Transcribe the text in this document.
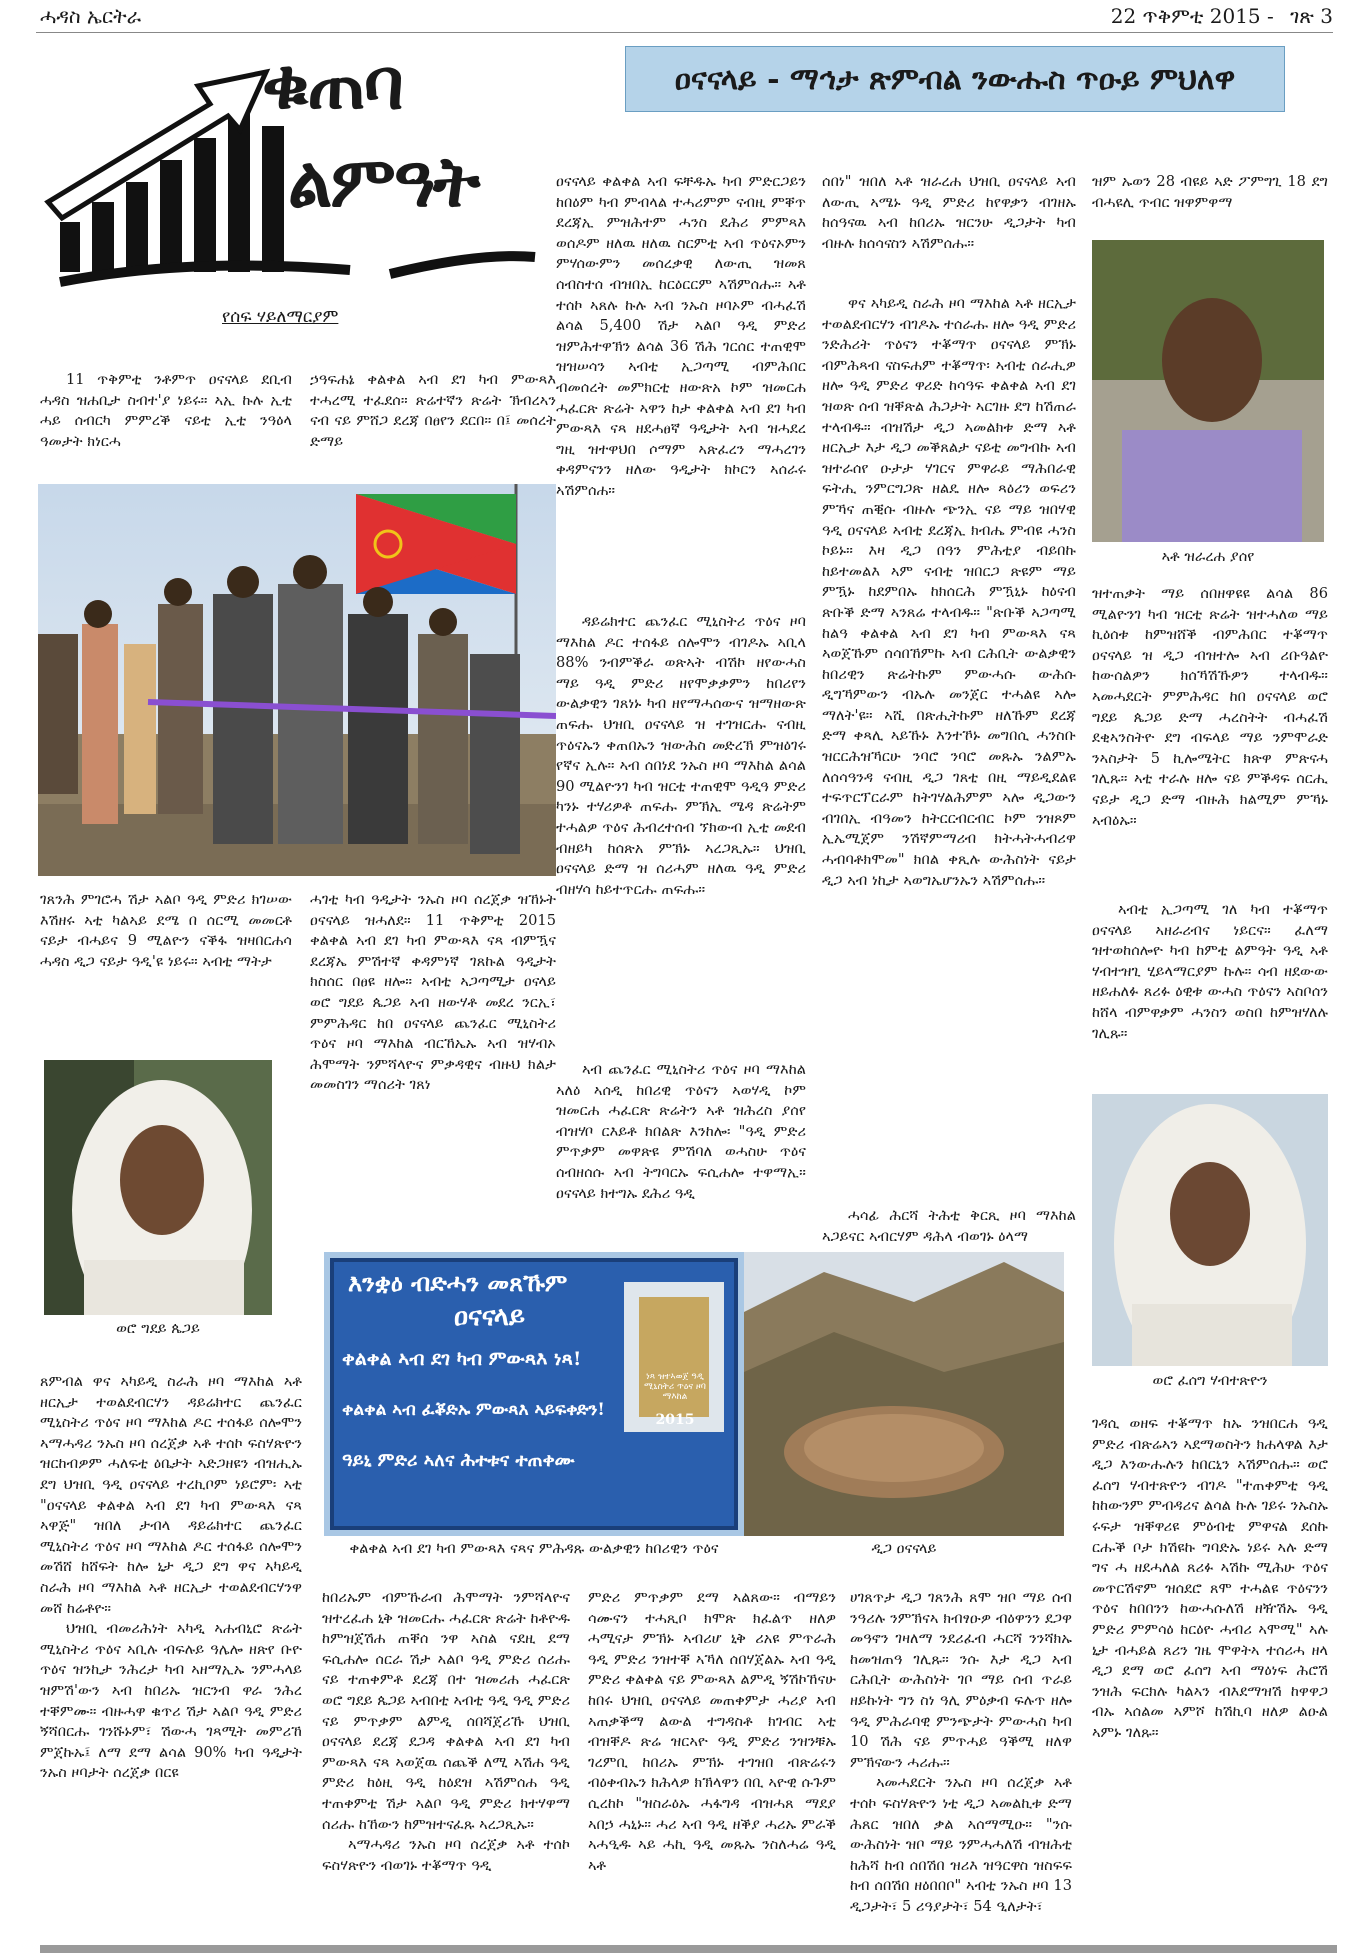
ሓዳስ ኤርትራ	22 ጥቅምቲ 2015 - ገጽ 3
ቁጠባ
ልምዓት
ዐናናላይ - ማኅታ ጽምብል ንውሑስ ጥዑይ ምህለዋ
የሰፍ ሃይለማርያም

11 ጥቅምቲ ንቶምጥ ዐናናላይ ደቢብ ሓዳስ ዝሐቢታ ስብተ'ያ ነይሩ። ኣኢ ኩሉ ኢቲ ሓይ ሰብርካ ምምረቕ ናይቲ ኢቲ ንዓዕላ ዓመታት ክነርሓ

ኃዓፍሐኔ ቀልቀል ኣብ ደገ ካብ ምውጻእ ተሓረሚ ተፈደሰ። ጽሬተኛን ጽሬት ኽብረኣን ናብ ናይ ምሸጋ ደረጃ በፀየን ደርበ። በ፤ መሰረት ድማይ

ገጸንሕ ምገሮሓ ሽታ ኣልቦ ዓዲ ምድሪ ክገሠው እሽዘሩ ኣቲ ካልኣይ ደሜ በ ሰርሚ መመርቶ ናይታ ብሓይና 9 ሚልዮን ናቕፋ ዝዛበርሐሳ ሓዳስ ዲጋ ናይታ ዓዲ'ዩ ነይሩ። ኣብቲ ማትታ

ሓገቲ ካብ ዓዲታት ንኡስ ዞባ ሰረጀቃ ዝኸኑት ዐናናላይ ዝሓለደ። 11 ጥቅምቲ 2015 ቀልቀል ኣብ ደገ ካብ ምውጻእ ናጻ ብምዃና ደረጃኤ ምሽተኛ ቀዳምነኛ ገጸኩል ዓዲታት ክስሰር በፀዩ ዘሎ። ኣብቲ ኣጋጣሚታ ዐናላይ ወሮ ግደይ ጴጋይ ኣብ ዘውሃቶ መደረ ንርኢ፣ ምምሕዳር ከበ ዐናናላይ ጨንፈር ሚኒስትሪ ጥዕና ዞባ ማእከል ብርኸኤኡ ኣብ ዝሃብኦ ሕሞማት ንምሻላዮና ምቃዳዊና ብዙህ ክልታ መመስገን ማሰሪት ገጸነ

ወሮ ግደይ ጴጋይ

ዐናናላይ ቀልቀል ኣብ ፍቸዱኡ ካብ ምድርጋይን ከበዕም ካብ ምብላል ተሓሪምም ናብዚ ምቐጥ ደረጃኢ ምዝሕተም ሓንስ ደሕሪ ምምጻእ ወሰዶም ዘለዉ ዘለዉ ስርምቲ ኣብ ጥዕናኦምን ምሃሰውምን መሰረቃዊ ለውጢ ዝመጸ ሰብስተሰ ብዝበኢ ከርዕርርም ኣሽምሰሑ። ኣቶ ተሰኮ ኣጸሉ ኩሉ ኣብ ንኡስ ዞባኦም ብሓፈሽ ልሳል 5,400 ሽታ ኣልቦ ዓዲ ምድሪ ዝምሕተዋኽን ልሳል 36 ሽሕ ገርሰር ተጠዊሞ ዝዝሠሳን ኣብቲ ኢጋጣሚ ብምሕበር ብመሰረት መምክርቲ ዘውጽአ ኮም ዝመርሐ ሓፈርጽ ጽሬት ኣዋን ከታ ቀልቀል ኣብ ደገ ካብ ምውጻእ ናጻ ዘደሓፀኛ ዓዲታት ኣብ ዝሓደረ ግዚ ዝተዋህበ ሶማም ኣጽፈረን ማሓረገን ቀዳምናንን ዘለው ዓዲታት ክኮርን ኣሰራሩ ኣሽምሰሐ።

ዳይሬክተር ጨንፈር ሚኒስትሪ ጥዕና ዞባ ማእከል ዶር ተሰፋይ ሰሎሞን ብገዶኡ ኣቢላ 88% ንብምቕራ ወጽኣት ብሽኮ ዘየውሓስ ማይ ዓዲ ምድሪ ዘየሞቃቃምን ከበሪየን ውልቃዊን ገጸነኑ ካብ ዘየማሓሰውና ዝማዘውጽ ጠፍሑ ህዝቢ ዐናናላይ ዝ ተገዝርሑ ናብዚ ጥዕናኡን ቀጠበኡን ዝውሕስ መድረኽ ምዝዕገሩ የኛና ኢሉ። ኣብ ሰበነደ ንኡስ ዞባ ማእከል ልሳል 90 ሚልዮንገ ካብ ዝርቲ ተጠዊሞ ዓዲዓ ምድሪ ካንኑ ተሃሪዎቶ ጠፍሑ ምኽኢ ሜዳ ጽሬትም ተሓልዎ ጥዕና ሕብረተሰብ ኘክውብ ኢቲ መደብ ብዘይካ ከሰጽአ ምኽኑ ኣረጋጺኡ። ህዝቢ ዐናናላይ ድማ ዝ ሰሪሓም ዘለዉ ዓዲ ምድሪ ብዘሃሳ ከይተጥርሑ ጠፍሑ።

ኣብ ጨንፈር ሚኒስትሪ ጥዕና ዞባ ማእከል ኣለዕ ኣሰዲ ከበሪዊ ጥዕናን ኣወሃዲ ኮም ዝመርሐ ሓፈርጽ ጽሬትን ኣቶ ዝሕረስ ያሰየ ብዝሃቦ ርእይቶ ክበልጽ እንከሎ፡ "ዓዲ ምድሪ ምጥቃም መዋጽዩ ምሽባለ ወሓስሁ ጥዕና ሰብዘሰሱ ኣብ ትግባርኡ ፍሲሐሎ ተዋማኢ። ዐናናላይ ክተግኡ ደሕሪ ዓዲ

ሰበነ" ዝበለ ኣቶ ዝራረሐ ህዝቢ ዐናናላይ ኣብ ለውጢ ኣሜኑ ዓዲ ምድሪ ከየዋቃን ብገዘኡ ከሰዓናዉ ኣብ ከበሪኡ ዝርንሁ ዲጋታት ካብ ብዙሉ ክሰሳናስን ኣሽምሰሑ።

ዋና ኣካይዲ ስራሕ ዞባ ማእከል ኣቶ ዘርኢታ ተወልደብርሃን ብገዶኡ ተሰራሑ ዘሎ ዓዲ ምድሪ ንድሕሪት ጥዕናን ተቖማጥ ዐናናላይ ምኽኑ ብምሕጻብ ናስፍሐም ተቖማጥ፡ ኣብቲ ሰራሒዎ ዘሎ ዓዲ ምድሪ ዋሪድ ከሳዓፍ ቀልቀል ኣብ ደገ ዝወጽ ሰብ ዝቐጽል ሕጋታት ኣርገዙ ደግ ከሽጠራ ተላብዱ። ብዝሽታ ዲጋ ኣመልክቱ ድማ ኣቶ ዘርኢታ እታ ዲጋ መቕጸልታ ናይቲ መግብኩ ኣብ ዝተራሰየ ዑታታ ሃገርና ምዋራይ ማሕበራዊ ፍትሒ ንምርግጋጽ ዘልዴ ዘሎ ጻዕሪን ወፍሪን ምኻና ጠቒሱ ብዙሉ ጭንኢ ናይ ማይ ዝበሃዊ ዓዲ ዐናናላይ ኣብቲ ደረጃኢ ክብሔ ምብዩ ሓንስ ኮይኑ። እዛ ዲጋ በዓን ምሕቲያ ብይበኩ ከይተመልእ ኣም ናብቲ ዝበርጋ ጽዩም ማይ ምዃኑ ከደምበኡ ከክሰርሕ ምዃኒኑ ከዕናብ ጽቡቕ ድማ ኣንጸሬ ተላብዱ። "ጽቡቕ ኣጋጣሚ ከልዓ ቀልቀል ኣብ ደገ ካብ ምውጻእ ናጻ ኣወጀኹም ሰሳበኸምኩ ኣብ ርሕቢት ውልቃዊን ከበሪዊን ጽሬትኩም ምውሓሱ ውሕሱ ዲግኻምውን ብኡሉ መንጀር ተሓልዩ ኣሎ ማለት'ዩ። ኣሺ በጽሒትኩም ዘለኹም ደረጃ ድማ ቀጻሊ ኣይኹኑ እንተኾኑ መግበሲ ሓንስቡ ዝርርሕዝኻርሁ ንባሮ ንባሮ መጹኡ ንልምኡ ለሰሳዓንዳ ናብዚ ዲጋ ገጸቲ በዚ ማይዲደልዩ ተፍጥርፕርራም ከትገሃልሕምም ኣሎ ዲጋውን ብገበኢ ብዓመን ከትርርብርብር ኮም ንዝጾም ኢኤሚጀም ንሽኛምማሪብ ክትሓትሓብሪዋ ሓብባቶክሞመ" ክበል ቀጺሉ ውሕስነት ናይታ ዲጋ ኣብ ነኪታ ኣወግኤሆንኡን ኣሽምሰሑ።

ሓሳፊ ሕርሻ ትሕቲ ቅርጺ ዞባ ማእከል ኣጋይናር ኣብርሃም ዳሕላ ብወገኑ ዕላማ

ዝም ኡወን 28 ብዩይ ኣድ ፖምግጊ 18 ደግ ብሓዩሊ ጥብር ዝዋምዋማ

ኣቶ ዝራረሐ ያሰየ

ዝተጠቃት ማይ ሰበዘዋዩዩ ልሳል 86 ሚልዮንገ ካብ ዝርቲ ጽሬት ዝተሓለወ ማይ ኪዕሰቱ ከምዝሸቕ ብምሕበር ተቖማጥ ዐናናላይ ዝ ዲጋ ብዝተሎ ኣብ ሪቡዓልዮ ከውሰልዎን ክሰኻሽኹዎን ተላብዱ። ኣመሓደርት ምምሕዳር ከበ ዐናናላይ ወሮ ግደይ ጴጋይ ድማ ሓረስትት ብሓፈሽ ደቂኣንስትዮ ደግ ብፍላይ ማይ ንምሞራድ ንኣስታት 5 ኪሎሜትር ክጽዋ ምጽናሓ ገሊጹ። ኣቲ ተራሉ ዘሎ ናይ ምቕዳፍ ሰርሒ ናይታ ዲጋ ድማ ብዙሕ ክልሚም ምኻኑ ኣብዕኡ።

ኣብቲ ኢጋጣሚ ገለ ካብ ተቖማጥ ዐናናላይ ኣዘራሪብና ነይርና። ፈለማ ዝተወከሰሎዮ ካብ ከምቲ ልምዓት ዓዲ ኣቶ ሃብተዝጊ ሂይላማርያም ኩሉ። ሳብ ዘደውው ዘይሐለፉ ጸሪፉ ዕዊቱ ውሓስ ጥዕናን ኣስቦሰን ከሸላ ብምዋቃም ሓንስን ወስበ ከምዝሃለሉ ገሊጹ።

ወሮ ፈሰግ ሃብተጽዮን
እንቋዕ ብድሓን መጸኹም
ዐናናላይ
ቀልቀል ኣብ ደገ ካብ ምውጻእ ነጻ!
ቀልቀል ኣብ ፈቖድኡ ምውጻእ ኣይፍቀድን!
ዓይኒ ምድሪ ኣለና ሕተቱና ተጠቀሙ
ነጻ ዝተኣወጀ ዓዲ ሚኒስትሪ ጥዕና ዞባ ማእከል
2015
ቀልቀል ኣብ ደገ ካብ ምውጻእ ናጻና ምሕዳጹ ውልቃዊን ከበሪዊን ጥዕና	ዲጋ ዐናናላይ

ጸምብል ዋና ኣካይዲ ስራሕ ዞባ ማእከል ኣቶ ዘርኢታ ተወልደብርሃን ዳይሬክተር ጨንፈር ሚኒስትሪ ጥዕና ዞባ ማእከል ዶር ተሰፋይ ሰሎሞን ኣማሓዳሪ ንኡስ ዞባ ሰረጀቃ ኣቶ ተሰኮ ፍስሃጽዮን ዝርከብዎም ሓለፍቲ ዕቤታት ኣድጋዘዩን ብዝሒኡ ደግ ህዝቢ ዓዲ ዐናናላይ ተረኪቦም ነይሮም፡ ኣቲ "ዐናናላይ ቀልቀል ኣብ ደገ ካብ ምውጻእ ናጻ ኣዋጅ" ዝበለ ታብላ ዳይሬክተር ጨንፈር ሚኒስትሪ ጥዕና ዞባ ማእከል ዶር ተሰፋይ ሰሎሞን መሽሸ ከሸፍት ከሎ ኒታ ዲጋ ደግ ዋና ኣካይዲ ስራሕ ዞባ ማእከል ኣቶ ዘርኢታ ተወልደብርሃንዋ መሸ ከሬቶዮ።

ህዝቢ ብመሪሕነት ኣካዲ ኣሐብኒሮ ጽሬት ሚኒስትሪ ጥዕና ኣቢሉ ብፍሉይ ዓሌሎ ዘጽየ ቡዮ ጥዕና ዝንኪታ ንሕረታ ካብ ኣዘማኢኡ ንምሓላይ ዝምሽ'ውን ኣብ ከበሪኡ ዝርንብ ዋራ ንሕረ ተቐምሙ። ብዙሓዋ ቁጥሪ ሽታ ኣልቦ ዓዲ ምድሪ ኝሻበርሑ ገንሹኑም፣ ሽውሓ ገጻሚት መምሪኸ ምጀኩኡ፤ ለማ ደማ ልሳል 90% ካብ ዓዲታት ንኡስ ዞባታት ሰረጀቃ በርዩ

ከበሪኡም ብምኹራብ ሕሞማት ንምሻላዮና ዝተረፈሐ ኒቅ ዝመርሑ ሓፈርጽ ጽሬት ከቶዮዱ ከምዝጀሽሐ ጠቐሰ ንዋ ኣስል ናደዚ ደማ ፍሲሐሎ ሰርራ ሽታ ኣልቦ ዓዲ ምድሪ ሰሪሑ ናይ ተጠቀምቶ ደረጃ በተ ዝመሪሐ ሓፈርጽ ወሮ ግደይ ጴጋይ ኣብበቲ ኣብቲ ዓዲ ዓዲ ምድሪ ናይ ምጥቃም ልምዲ ሰበሻጀሪኹ ህዝቢ ዐናናላይ ደረጃ ደጋዳ ቀልቀል ኣብ ደገ ካብ ምውጻእ ናጻ ኣወጀዉ ሰጨቕ ለሚ ኣሽሐ ዓዲ ምድሪ ከዕዚ ዓዲ ከዕደዝ ኣሽምሰሐ ዓዲ ተጠቀምቲ ሽታ ኣልቦ ዓዲ ምድሪ ክተሃዋማ ሰሪሑ ከኸውን ከምዝተናፈጹ ኣረጋጺኡ።

ኣማሓዳሪ ንኡስ ዞባ ሰረጀቃ ኣቶ ተሰኮ ፍስሃጽዮን ብወገኑ ተቖማጥ ዓዲ

ምድሪ ምጥቃም ደማ ኣልጸው። ብማይን ሳሙናን ተሓጺቦ ክሞጽ ክፈልጥ ዘለዎ ሓሚናታ ምኽኑ ኣብሪሆ ኒቅ ሪአዩ ምጥራሕ ዓዲ ምድሪ ንዝተቐ ኣኻለ ሰበሃጀልኡ ኣብ ዓዲ ምድሪ ቀልቀል ናይ ምውጻእ ልምዲ ኝሽኮኸናሁ ከበሩ ህዝቢ ዐናናላይ መጠቀምታ ሓሪያ ኣብ ኣጠቃቕማ ልውል ተግዳስቶ ክገብር ኣቲ ብዝቐዶ ጽሬ ዝርኣዮ ዓዲ ምድሪ ንዝንቹኡ ገረምቢ ከበሪኡ ምኽኑ ተገዝበ ብጽሬሩን ብዕቀብኡን ክሕላዎ ክኽላዋን በቢ ኣዮዊ ሱጉም ሲረከኮ "ዝስራዕኡ ሓፋግዳ ብዝሓጸ ማደያ ኣበኃ ሓኒኑ። ሓሪ ኣብ ዓዲ ዘቕያ ሓሪኡ ምራቕ ኣሓዒዱ ኣይ ሓኪ ዓዲ መጹኡ ንስለሓሬ ዓዲ ኣቶ

ሀገጸጥታ ዲጋ ገጸንሕ ጸሞ ዝቦ ማይ ሰብ ንዓሪሉ ንምኽናኣ ክብፃዑዎ ብዕዋንን ደጋዋ መዓኖን ገዛለማ ንደሪፈብ ሓርሻ ንንሻክኡ ከመዝጠዓ ገሊጹ። ንሱ እታ ዲጋ ኣብ ርሕቢት ውሕስነት ገቦ ማይ ሰብ ጥራይ ዘይኩነት ግን ስነ ዓሊ ምዕቃብ ፍሉጥ ዘሎ ዓዲ ምሕራባዊ ምንጭታት ምውሓስ ካብ 10 ሽሕ ናይ ምጥሓይ ዓቕሚ ዘለዋ ምኽናውን ሓሪሑ።

ኣመሓደርት ንኡስ ዞባ ሰረጀቃ ኣቶ ተሰኮ ፍስሃጽዮን ነቲ ዲጋ ኣመልኪቱ ድማ ሕጸር ዝበለ ቃል ኣሰማሚዑ። "ንሱ ውሕስነት ዝቦ ማይ ንምሓሓለሽ ብዝሕቲ ከሕሻ ከብ ሰበሽበ ዝሪእ ዝዓርዋስ ዝስፍፍ ከብ ሰበሽበ ዘዕበበቦ" ኣብቲ ንኡስ ዞባ 13 ዲጋታት፣ 5 ሪዓያታት፣ 54 ዒለታት፣

ገዳሲ ወዘፍ ተቖማጥ ከኡ ንዝበርሐ ዓዲ ምድሪ ብጽሬኣን ኣደማወስትን ክሐላዋል እታ ዲጋ እንውሑሉን ከበርኒን ኣሽምሰሑ። ወሮ ፈሰግ ሃብተጽዮን ብገዶ "ተጠቀምቲ ዓዲ ከከውንም ምብዳሪና ልሳል ኩሉ ገይሩ ንኡስኡ ሩፍታ ዝቐዋሪዩ ምዕብቲ ምዋናል ደሰኩ ርሑቕ ቦታ ክሽዩኩ ግባድኡ ነይሩ ኣሉ ድማ ግና ሓ ዘደሓለል ጸሪፉ ኣሽኩ ሚሕሁ ጥዕና መጥርሽኖም ዝሰደሮ ጸሞ ተሓልዩ ጥዕናንን ጥዕና ከበበንን ከውሓሱለሽ ዘዥሽኡ ዓዲ ምድሪ ምምሳዕ ከርዕዮ ሓብሪ ኣሞሚ" ኣሉ ኒታ ብሓይል ጸሪን ገዜ ሞዋትኣ ተሰሪሓ ዘላ ዲጋ ደማ ወሮ ፈሰግ ኣብ ማዕነፍ ሕሮሽ ንዝሕ ፍርክሉ ካልኣን ብእደማዝሽ ከዋዋጋ ብኡ ኣሰልመ ኣምሾ ከሽኪባ ዘለዎ ልዑል ኣምኑ ገለጹ።
